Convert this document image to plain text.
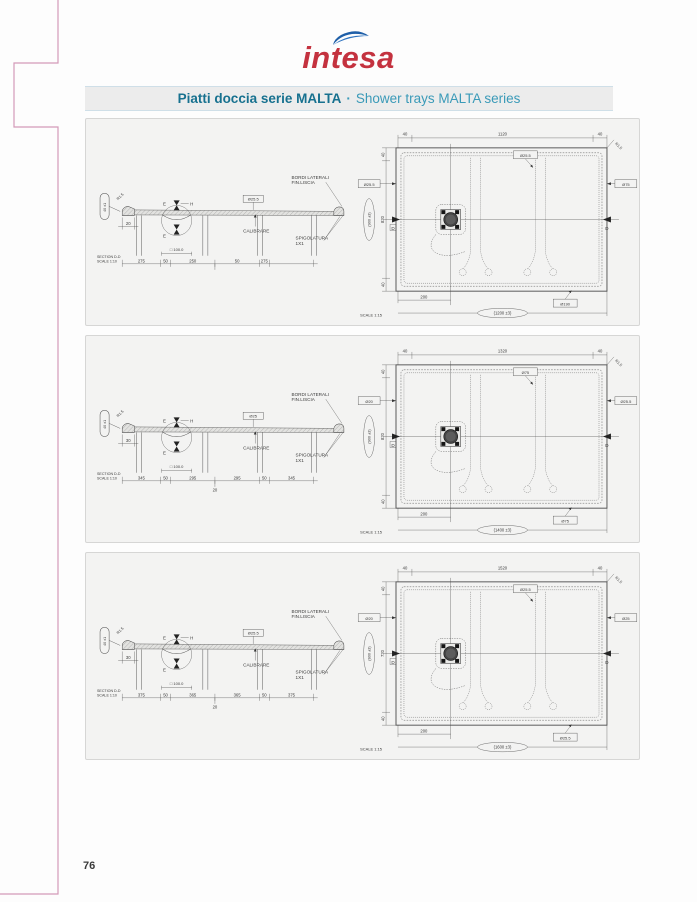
intesa
Piatti doccia serie MALTA · Shower trays MALTA series
40 ±1
R1.5
20
E	H
E
Ø25.5
BORDI LATERALI
FIN.LISCIA
CALIBRARE
SPIGOLATURA
1X1
□ 100.0
275	50	250	50	275
SECTION D-D
SCALE 1:10
40	1120	40
40
820
40
(900 ±3)
200
(1200 ±3)
Ø25.5
Ø25.5	Ø75
Ø190
R1.5
D	D
SCALE 1:15
40 ±1
R1.5
30
E	H
E
Ø25
BORDI LATERALI
FIN.LISCIA
CALIBRARE
SPIGOLATURA
1X1
□ 100.0
345	50	295	295	50	345
20
SECTION D-D
SCALE 1:10
40	1320	40
40
820
40
(900 ±3)
200
(1400 ±3)
Ø75
Ø20	Ø25.5
Ø75
R1.5
D	D
SCALE 1:15
40 ±1
R1.5
30
E	H
E
Ø25.5
BORDI LATERALI
FIN.LISCIA
CALIBRARE
SPIGOLATURA
1X1
□ 100.0
375	50	365	365	50	375
20
SECTION D-D
SCALE 1:10
40	1520	40
40
720
40
(800 ±3)
200
(1600 ±3)
Ø25.5
Ø20	Ø25
Ø25.5
R1.5
D	D
SCALE 1:15
76
